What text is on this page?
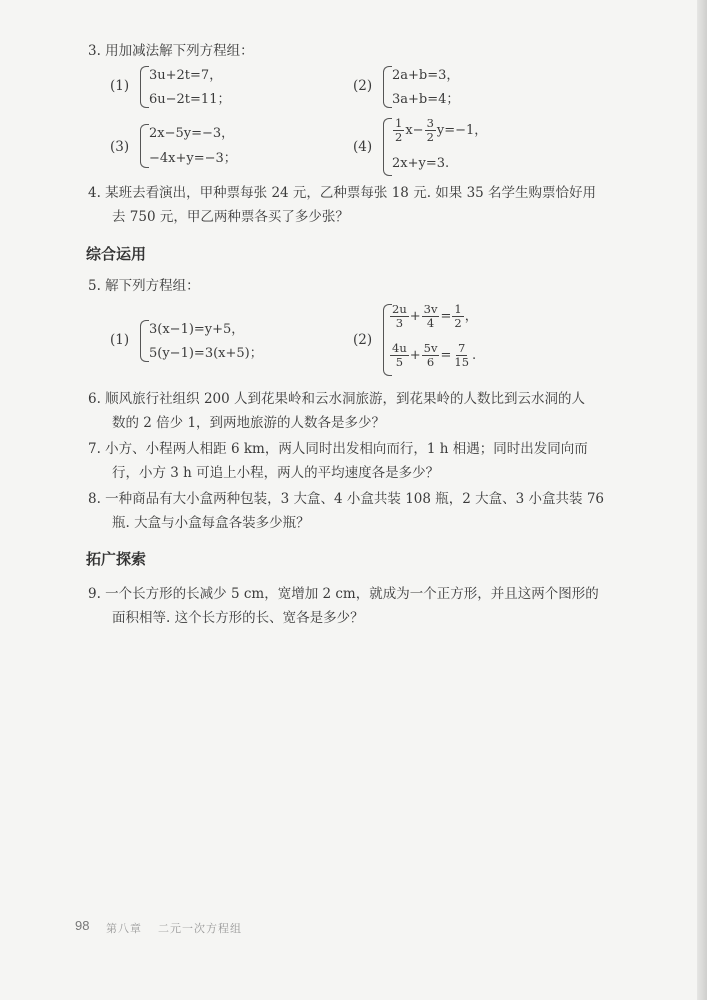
3. 用加减法解下列方程组：
(1)
3u+2t=7，
6u−2t=11；
(2)
2a+b=3，
3a+b=4；
(3)
2x−5y=−3，
−4x+y=−3；
(4)
$\frac{1}{2} x- \frac{3}{2} y=-1$，
2x+y=3.
4. 某班去看演出，甲种票每张 24 元，乙种票每张 18 元. 如果 35 名学生购票恰好用
去 750 元，甲乙两种票各买了多少张？
综合运用
5. 解下列方程组：
(1)
3(x−1)=y+5，
5(y−1)=3(x+5)；
(2)
$\frac{2u}{3} + \frac{3v}{4} = \frac{1}{2}$ ，
$\frac{4u}{5} + \frac{5v}{6} = \frac{7}{15}$ .
6. 顺风旅行社组织 200 人到花果岭和云水洞旅游，到花果岭的人数比到云水洞的人
数的 2 倍少 1，到两地旅游的人数各是多少？
7. 小方、小程两人相距 6 km，两人同时出发相向而行，1 h 相遇；同时出发同向而
行，小方 3 h 可追上小程，两人的平均速度各是多少？
8. 一种商品有大小盒两种包装，3 大盒、4 小盒共装 108 瓶，2 大盒、3 小盒共装 76
瓶. 大盒与小盒每盒各装多少瓶？
拓广探索
9. 一个长方形的长减少 5 cm，宽增加 2 cm，就成为一个正方形，并且这两个图形的
面积相等. 这个长方形的长、宽各是多少？
98 第八章 二元一次方程组
